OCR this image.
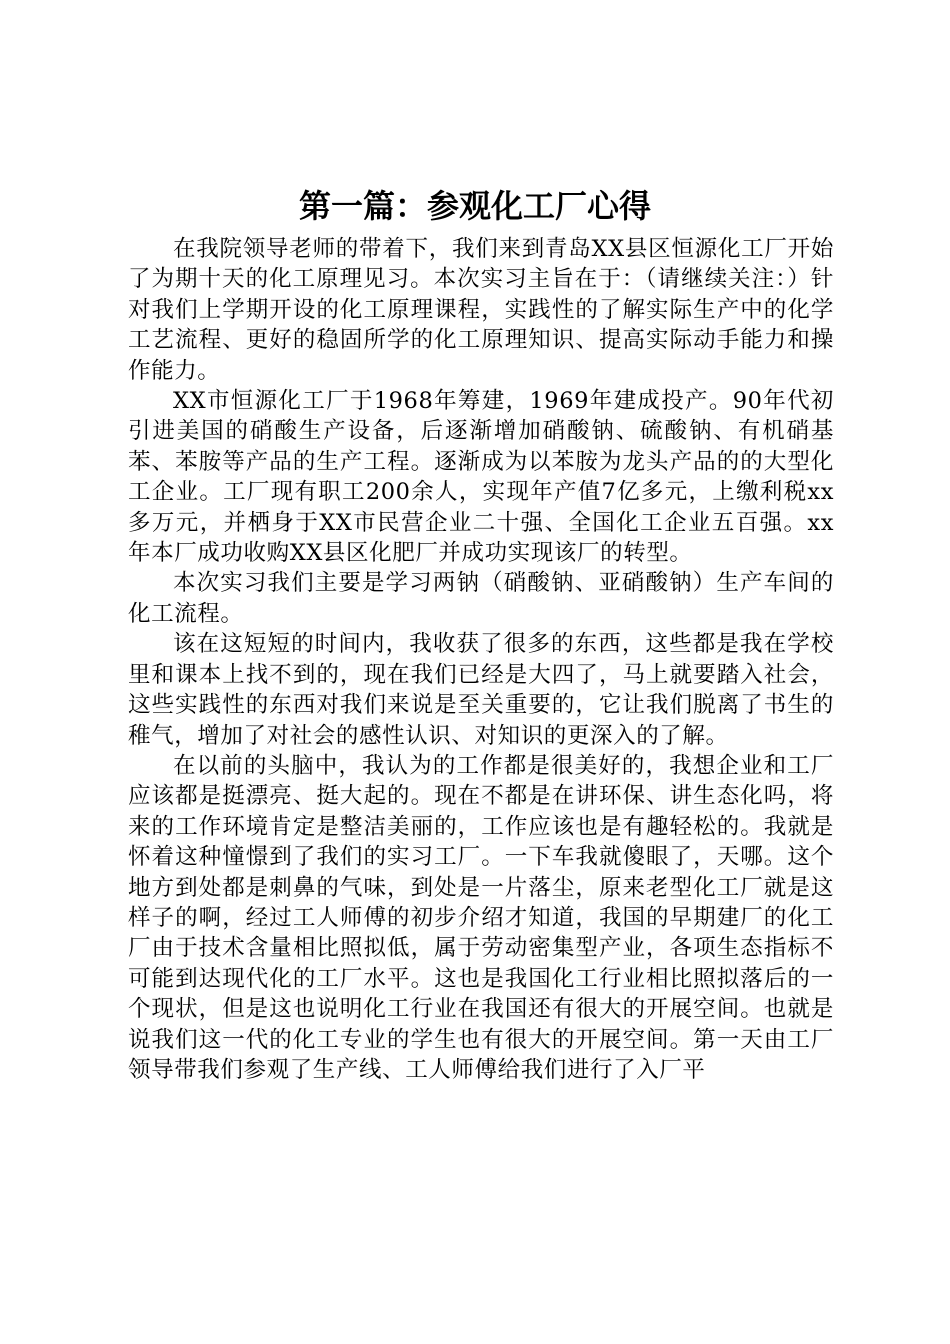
第一篇：参观化工厂心得

在我院领导老师的带着下，我们来到青岛XX县区恒源化工厂开始了为期十天的化工原理见习。本次实习主旨在于：（请继续关注：）针对我们上学期开设的化工原理课程，实践性的了解实际生产中的化学工艺流程、更好的稳固所学的化工原理知识、提高实际动手能力和操作能力。

XX市恒源化工厂于1968年筹建，1969年建成投产。90年代初引进美国的硝酸生产设备，后逐渐增加硝酸钠、硫酸钠、有机硝基苯、苯胺等产品的生产工程。逐渐成为以苯胺为龙头产品的的大型化工企业。工厂现有职工200余人，实现年产值7亿多元，上缴利税xx多万元，并栖身于XX市民营企业二十强、全国化工企业五百强。xx年本厂成功收购XX县区化肥厂并成功实现该厂的转型。

本次实习我们主要是学习两钠（硝酸钠、亚硝酸钠）生产车间的化工流程。

该在这短短的时间内，我收获了很多的东西，这些都是我在学校里和课本上找不到的，现在我们已经是大四了，马上就要踏入社会，这些实践性的东西对我们来说是至关重要的，它让我们脱离了书生的稚气，增加了对社会的感性认识、对知识的更深入的了解。

在以前的头脑中，我认为的工作都是很美好的，我想企业和工厂应该都是挺漂亮、挺大起的。现在不都是在讲环保、讲生态化吗，将来的工作环境肯定是整洁美丽的，工作应该也是有趣轻松的。我就是怀着这种憧憬到了我们的实习工厂。一下车我就傻眼了，天哪。这个地方到处都是刺鼻的气味，到处是一片落尘，原来老型化工厂就是这样子的啊，经过工人师傅的初步介绍才知道，我国的早期建厂的化工厂由于技术含量相比照拟低，属于劳动密集型产业，各项生态指标不可能到达现代化的工厂水平。这也是我国化工行业相比照拟落后的一个现状，但是这也说明化工行业在我国还有很大的开展空间。也就是说我们这一代的化工专业的学生也有很大的开展空间。第一天由工厂领导带我们参观了生产线、工人师傅给我们进行了入厂平
